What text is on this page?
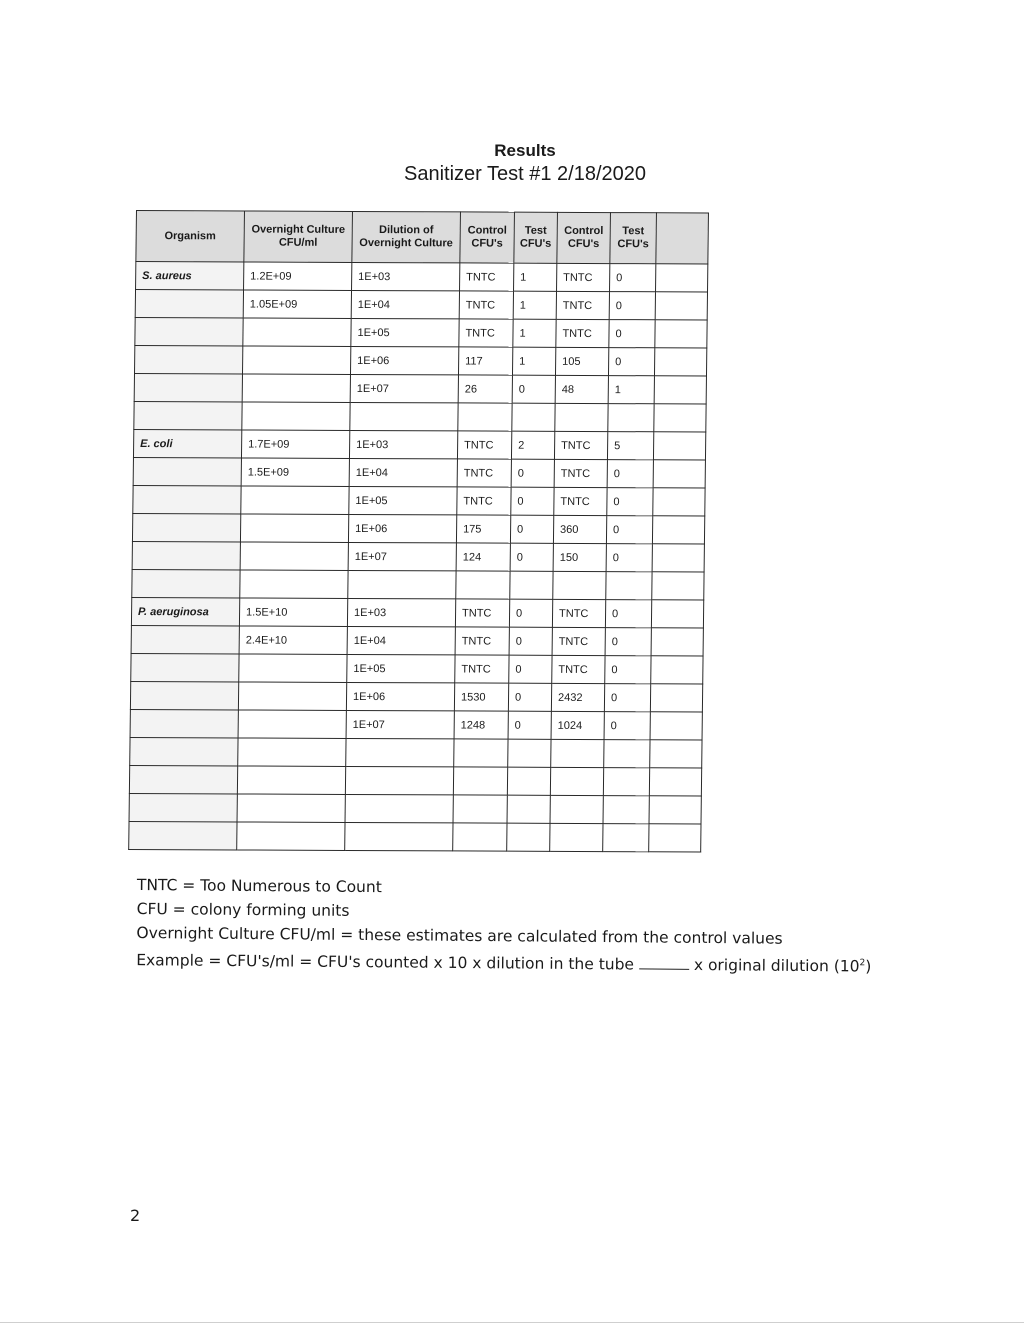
Results
Sanitizer Test #1 2/18/2020
Organism	Overnight Culture CFU/ml	Dilution of Overnight Culture	Control CFU's	Test CFU's	Control CFU's	Test CFU's	
S. aureus	1.2E+09	1E+03	TNTC	1	TNTC	0	
	1.05E+09	1E+04	TNTC	1	TNTC	0	
		1E+05	TNTC	1	TNTC	0	
		1E+06	117	1	105	0	
		1E+07	26	0	48	1	

E. coli	1.7E+09	1E+03	TNTC	2	TNTC	5	
	1.5E+09	1E+04	TNTC	0	TNTC	0	
		1E+05	TNTC	0	TNTC	0	
		1E+06	175	0	360	0	
		1E+07	124	0	150	0	

P. aeruginosa	1.5E+10	1E+03	TNTC	0	TNTC	0	
	2.4E+10	1E+04	TNTC	0	TNTC	0	
		1E+05	TNTC	0	TNTC	0	
		1E+06	1530	0	2432	0	
		1E+07	1248	0	1024	0	

TNTC = Too Numerous to Count
CFU = colony forming units
Overnight Culture CFU/ml = these estimates are calculated from the control values
Example = CFU's/ml = CFU's counted x 10 x dilution in the tube	x original dilution $(10^2)$
2
